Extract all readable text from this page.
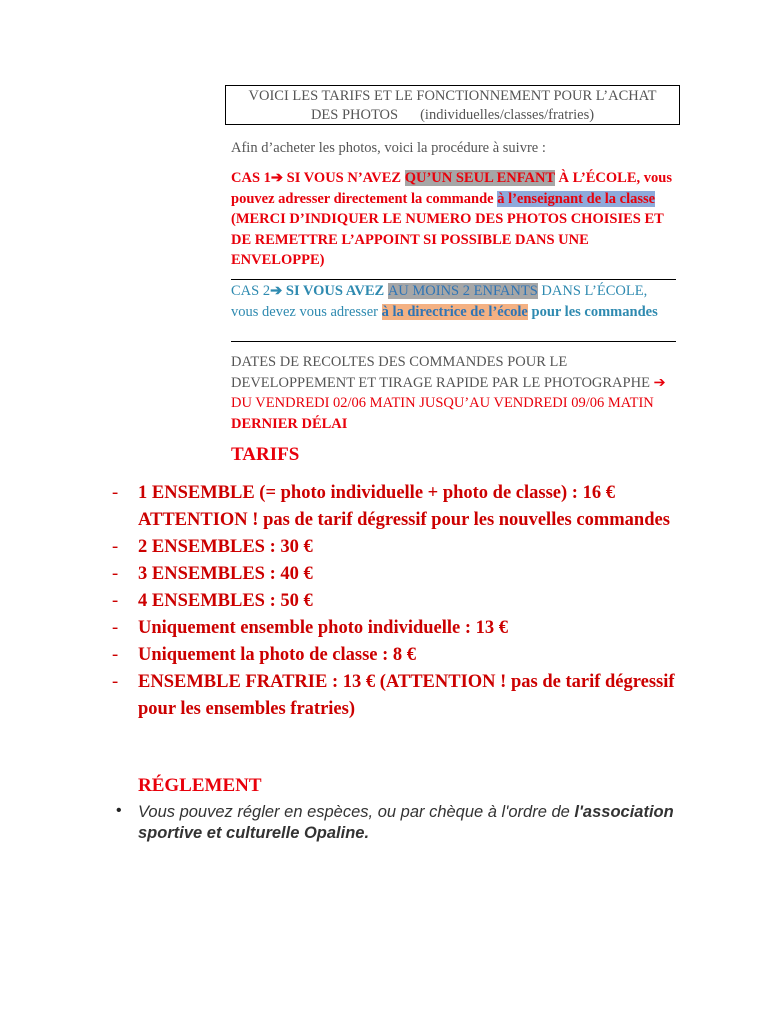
VOICI LES TARIFS ET LE FONCTIONNEMENT POUR L’ACHAT
DES PHOTOS (individuelles/classes/fratries)
Afin d’acheter les photos, voici la procédure à suivre :
CAS 1➔ SI VOUS N’AVEZ QU’UN SEUL ENFANT À L’ÉCOLE, vous pouvez adresser directement la commande à l’enseignant de la classe (MERCI D’INDIQUER LE NUMERO DES PHOTOS CHOISIES ET DE REMETTRE L’APPOINT SI POSSIBLE DANS UNE ENVELOPPE)
CAS 2➔ SI VOUS AVEZ AU MOINS 2 ENFANTS DANS L’ÉCOLE, vous devez vous adresser à la directrice de l’école pour les commandes
DATES DE RECOLTES DES COMMANDES POUR LE DEVELOPPEMENT ET TIRAGE RAPIDE PAR LE PHOTOGRAPHE ➔ DU VENDREDI 02/06 MATIN JUSQU’AU VENDREDI 09/06 MATIN DERNIER DÉLAI
TARIFS
- 1 ENSEMBLE (= photo individuelle + photo de classe) : 16 € ATTENTION ! pas de tarif dégressif pour les nouvelles commandes
- 2 ENSEMBLES : 30 €
- 3 ENSEMBLES : 40 €
- 4 ENSEMBLES : 50 €
- Uniquement ensemble photo individuelle : 13 €
- Uniquement la photo de classe : 8 €
- ENSEMBLE FRATRIE : 13 € (ATTENTION ! pas de tarif dégressif pour les ensembles fratries)
RÉGLEMENT
• Vous pouvez régler en espèces, ou par chèque à l'ordre de l'association sportive et culturelle Opaline.
